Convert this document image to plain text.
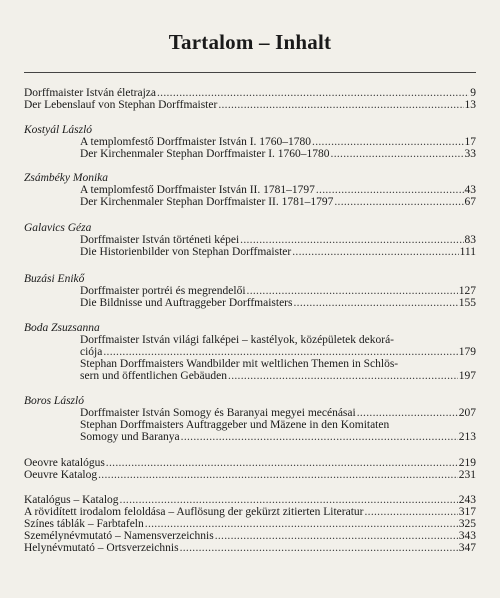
Tartalom – Inhalt
Dorffmaister István életrajza .....	9
Der Lebenslauf von Stephan Dorffmaister .....	13
Kostyál László
A templomfestő Dorffmaister István I. 1760–1780 .....	17
Der Kirchenmaler Stephan Dorffmaister I. 1760–1780 .....	33
Zsámbéky Monika
A templomfestő Dorffmaister István II. 1781–1797 .....	43
Der Kirchenmaler Stephan Dorffmaister II. 1781–1797 .....	67
Galavics Géza
Dorffmaister István történeti képei .....	83
Die Historienbilder von Stephan Dorffmaister .....	111
Buzási Enikő
Dorffmaister portréi és megrendelői .....	127
Die Bildnisse und Auftraggeber Dorffmaisters .....	155
Boda Zsuzsanna
Dorffmaister István világi falképei – kastélyok, középületek dekorá-
ciója .....	179
Stephan Dorffmaisters Wandbilder mit weltlichen Themen in Schlös-
sern und öffentlichen Gebäuden .....	197
Boros László
Dorffmaister István Somogy és Baranyai megyei mecénásai .....	207
Stephan Dorffmaisters Auftraggeber und Mäzene in den Komitaten
Somogy und Baranya .....	213
Oeovre katalógus .....	219
Oeuvre Katalog .....	231
Katalógus – Katalog .....	243
A rövidített irodalom feloldása – Auflösung der gekürzt zitierten Literatur .....	317
Színes táblák – Farbtafeln .....	325
Személynévmutató – Namensverzeichnis .....	343
Helynévmutató – Ortsverzeichnis .....	347
